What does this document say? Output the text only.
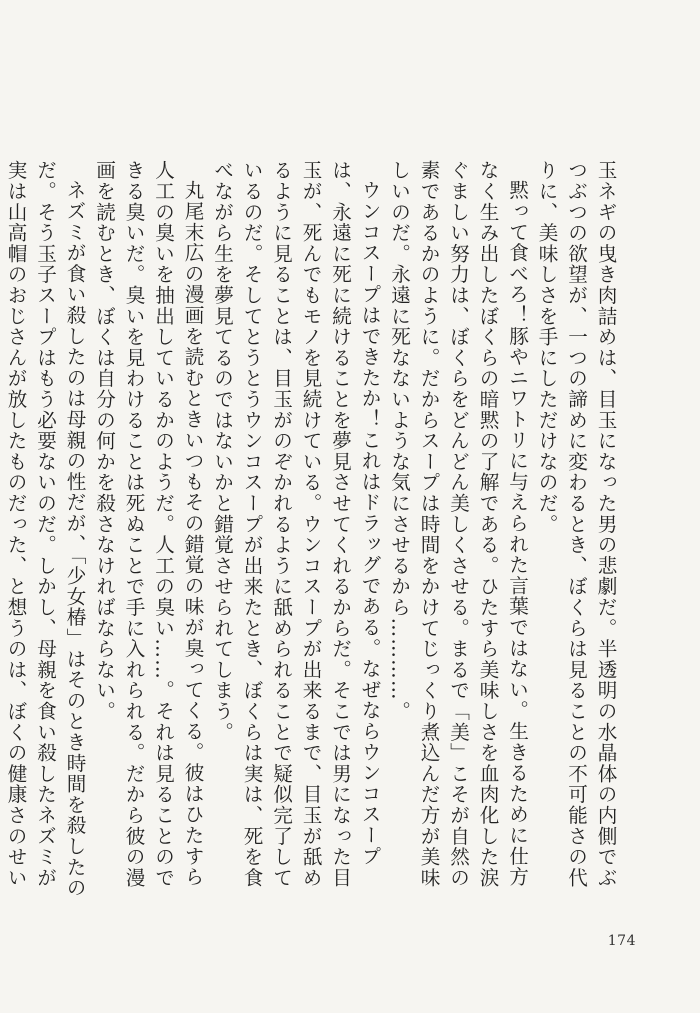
玉ネギの曳き肉詰めは、目玉になった男の悲劇だ。半透明の水晶体の内側でぶつぶつの欲望が、一つの諦めに変わるとき、ぼくらは見ることの不可能さの代りに、美味しさを手にしただけなのだ。

黙って食べろ！豚やニワトリに与えられた言葉ではない。生きるために仕方なく生み出したぼくらの暗黙の了解である。ひたすら美味しさを血肉化した涙ぐましい努力は、ぼくらをどんどん美しくさせる。まるで「美」こそが自然の素であるかのように。だからスープは時間をかけてじっくり煮込んだ方が美味しいのだ。永遠に死なないような気にさせるから…………。

ウンコスープはできたか！これはドラッグである。なぜならウンコスープは、永遠に死に続けることを夢見させてくれるからだ。そこでは男になった目玉が、死んでもモノを見続けている。ウンコスープが出来るまで、目玉が舐めるように見ることは、目玉がのぞかれるように舐められることで疑似完了しているのだ。そしてとうとうウンコスープが出来たとき、ぼくらは実は、死を食べながら生を夢見てるのではないかと錯覚させられてしまう。

丸尾末広の漫画を読むときいつもその錯覚の味が臭ってくる。彼はひたすら人工の臭いを抽出しているかのようだ。人工の臭い……。それは見ることのできる臭いだ。臭いを見わけることは死ぬことで手に入れられる。だから彼の漫画を読むとき、ぼくは自分の何かを殺さなければならない。

ネズミが食い殺したのは母親の性だが、「少女椿」はそのとき時間を殺したのだ。そう玉子スープはもう必要ないのだ。しかし、母親を食い殺したネズミが実は山高帽のおじさんが放したものだった、と想うのは、ぼくの健康さのせい

174
